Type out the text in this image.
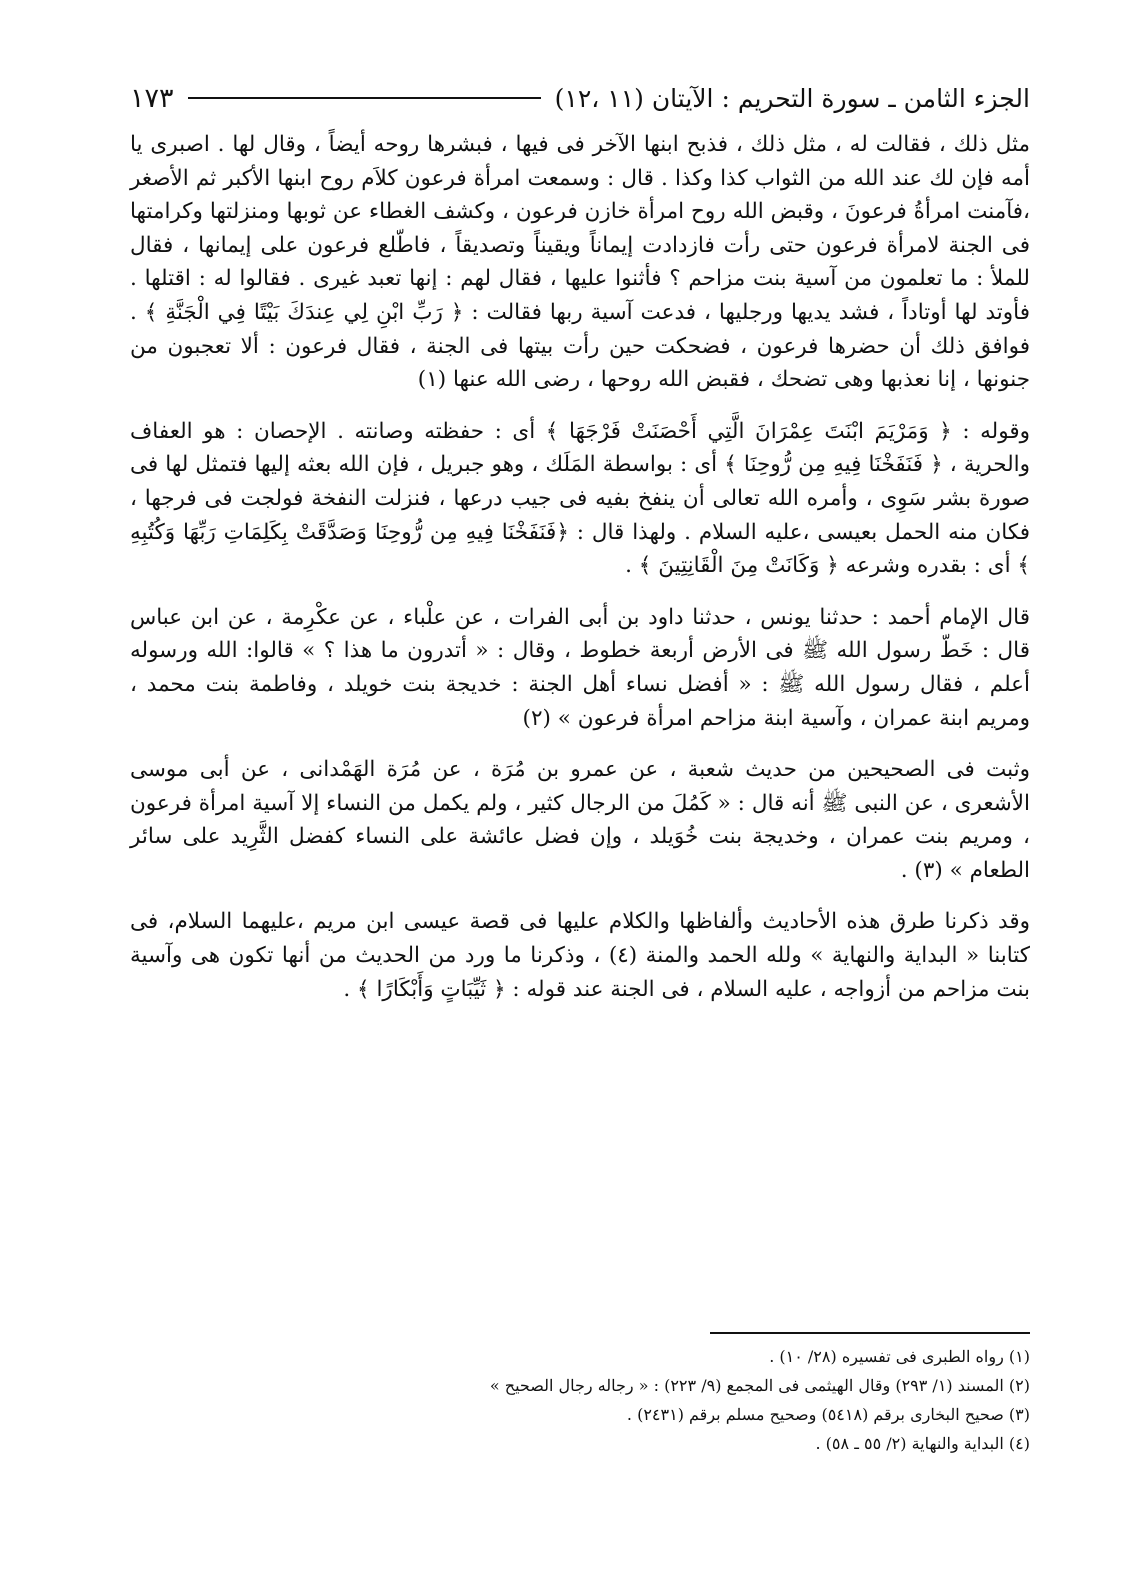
الجزء الثامن ـ سورة التحريم : الآيتان (١١ ،١٢)
١٧٣

مثل ذلك ، فقالت له ، مثل ذلك ، فذبح ابنها الآخر فى فيها ، فبشرها روحه أيضاً ، وقال لها . اصبرى يا أمه فإن لك عند الله من الثواب كذا وكذا . قال : وسمعت امرأة فرعون كلاَم روح ابنها الأكبر ثم الأصغر ،فآمنت امرأةُ فرعونَ ، وقبض الله روح امرأة خازن فرعون ، وكشف الغطاء عن ثوبها ومنزلتها وكرامتها فى الجنة لامرأة فرعون حتى رأت فازدادت إيماناً ويقيناً وتصديقاً ، فاطّلع فرعون على إيمانها ، فقال للملأ : ما تعلمون من آسية بنت مزاحم ؟ فأثنوا عليها ، فقال لهم : إنها تعبد غيرى . فقالوا له : اقتلها . فأوتد لها أوتاداً ، فشد يديها ورجليها ، فدعت آسية ربها فقالت : ﴿ رَبِّ ابْنِ لِي عِندَكَ بَيْتًا فِي الْجَنَّةِ ﴾ . فوافق ذلك أن حضرها فرعون ، فضحكت حين رأت بيتها فى الجنة ، فقال فرعون : ألا تعجبون من جنونها ، إنا نعذبها وهى تضحك ، فقبض الله روحها ، رضى الله عنها (١)

وقوله : ﴿ وَمَرْيَمَ ابْنَتَ عِمْرَانَ الَّتِي أَحْصَنَتْ فَرْجَهَا ﴾ أى : حفظته وصانته . الإحصان : هو العفاف والحرية ، ﴿ فَنَفَخْنَا فِيهِ مِن رُّوحِنَا ﴾ أى : بواسطة المَلَك ، وهو جبريل ، فإن الله بعثه إليها فتمثل لها فى صورة بشر سَوِى ، وأمره الله تعالى أن ينفخ بفيه فى جيب درعها ، فنزلت النفخة فولجت فى فرجها ، فكان منه الحمل بعيسى ،عليه السلام . ولهذا قال : ﴿فَنَفَخْنَا فِيهِ مِن رُّوحِنَا وَصَدَّقَتْ بِكَلِمَاتِ رَبِّهَا وَكُتُبِهِ ﴾ أى : بقدره وشرعه ﴿ وَكَانَتْ مِنَ الْقَانِتِينَ ﴾ .

قال الإمام أحمد : حدثنا يونس ، حدثنا داود بن أبى الفرات ، عن علْباء ، عن عكْرِمة ، عن ابن عباس قال : خَطّ رسول الله ﷺ فى الأرض أربعة خطوط ، وقال : « أتدرون ما هذا ؟ » قالوا: الله ورسوله أعلم ، فقال رسول الله ﷺ : « أفضل نساء أهل الجنة : خديجة بنت خويلد ، وفاطمة بنت محمد ، ومريم ابنة عمران ، وآسية ابنة مزاحم امرأة فرعون » (٢)

وثبت فى الصحيحين من حديث شعبة ، عن عمرو بن مُرَة ، عن مُرَة الهَمْدانى ، عن أبى موسى الأشعرى ، عن النبى ﷺ أنه قال : « كَمُلَ من الرجال كثير ، ولم يكمل من النساء إلا آسية امرأة فرعون ، ومريم بنت عمران ، وخديجة بنت خُوَيلد ، وإن فضل عائشة على النساء كفضل الثَّرِيد على سائر الطعام » (٣) .

وقد ذكرنا طرق هذه الأحاديث وألفاظها والكلام عليها فى قصة عيسى ابن مريم ،عليهما السلام، فى كتابنا « البداية والنهاية » ولله الحمد والمنة (٤) ، وذكرنا ما ورد من الحديث من أنها تكون هى وآسية بنت مزاحم من أزواجه ، عليه السلام ، فى الجنة عند قوله : ﴿ ثَيِّبَاتٍ وَأَبْكَارًا ﴾ .

(١) رواه الطبرى فى تفسيره (٢٨/ ١٠) .

(٢) المسند (١/ ٢٩٣) وقال الهيثمى فى المجمع (٩/ ٢٢٣) : « رجاله رجال الصحيح »

(٣) صحيح البخارى برقم (٥٤١٨) وصحيح مسلم برقم (٢٤٣١) .

(٤) البداية والنهاية (٢/ ٥٥ ـ ٥٨) .
